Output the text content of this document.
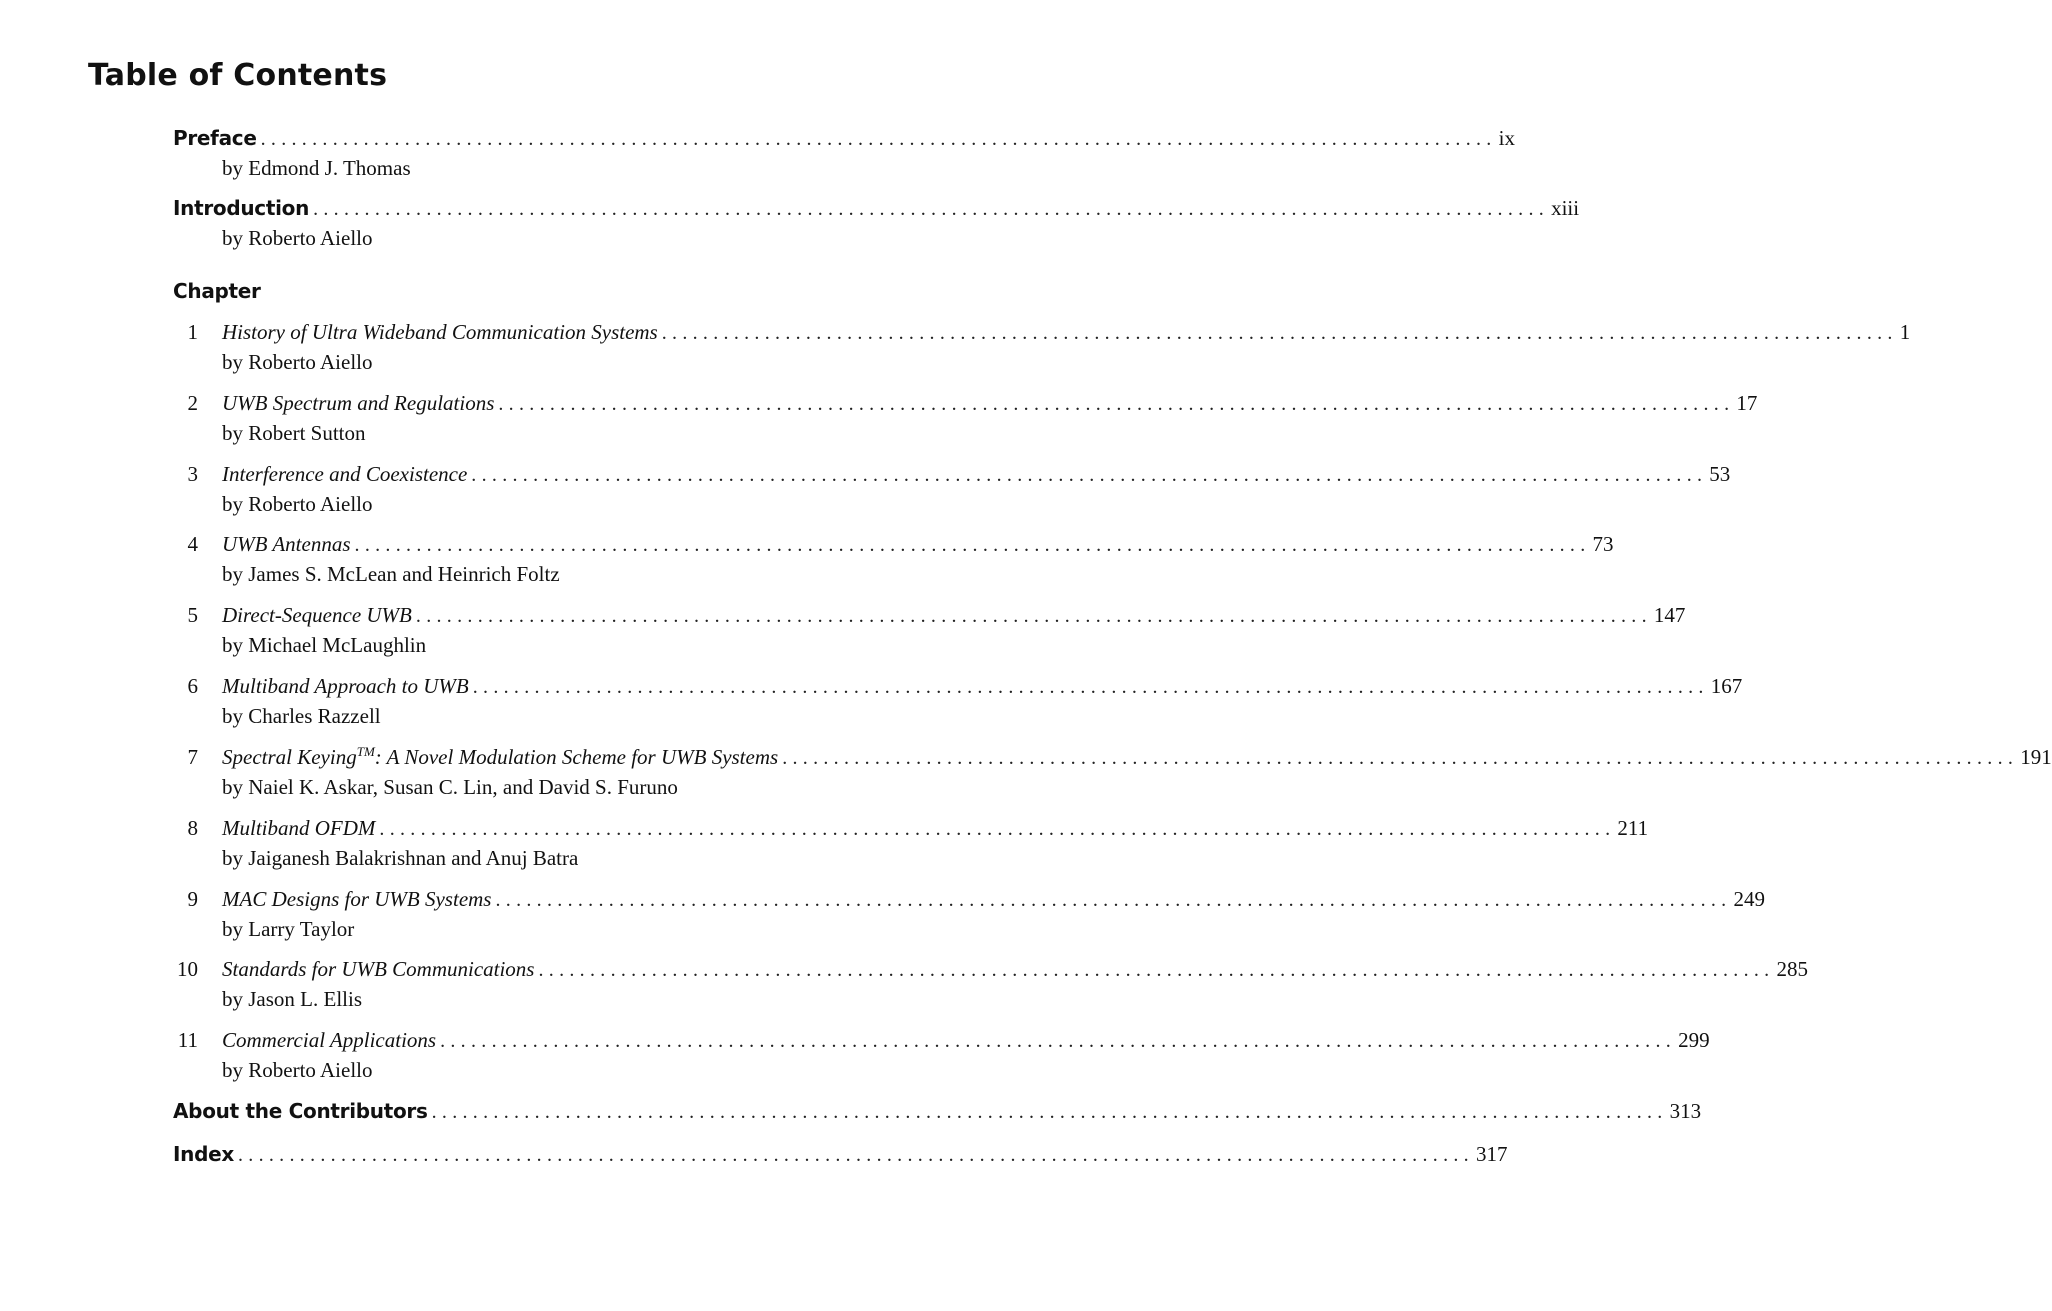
Table of Contents
Preface ........................................................................................................................ ix
by Edmond J. Thomas
Introduction ........................................................................................................................ xiii
by Roberto Aiello
Chapter
1 History of Ultra Wideband Communication Systems ........................................................................................................................ 1
by Roberto Aiello
2 UWB Spectrum and Regulations ........................................................................................................................ 17
by Robert Sutton
3 Interference and Coexistence ........................................................................................................................ 53
by Roberto Aiello
4 UWB Antennas ........................................................................................................................ 73
by James S. McLean and Heinrich Foltz
5 Direct-Sequence UWB ........................................................................................................................ 147
by Michael McLaughlin
6 Multiband Approach to UWB ........................................................................................................................ 167
by Charles Razzell
7 Spectral Keying™: A Novel Modulation Scheme for UWB Systems ........................................................................................................................ 191
by Naiel K. Askar, Susan C. Lin, and David S. Furuno
8 Multiband OFDM ........................................................................................................................ 211
by Jaiganesh Balakrishnan and Anuj Batra
9 MAC Designs for UWB Systems ........................................................................................................................ 249
by Larry Taylor
10 Standards for UWB Communications ........................................................................................................................ 285
by Jason L. Ellis
11 Commercial Applications ........................................................................................................................ 299
by Roberto Aiello
About the Contributors ........................................................................................................................ 313
Index ........................................................................................................................ 317
